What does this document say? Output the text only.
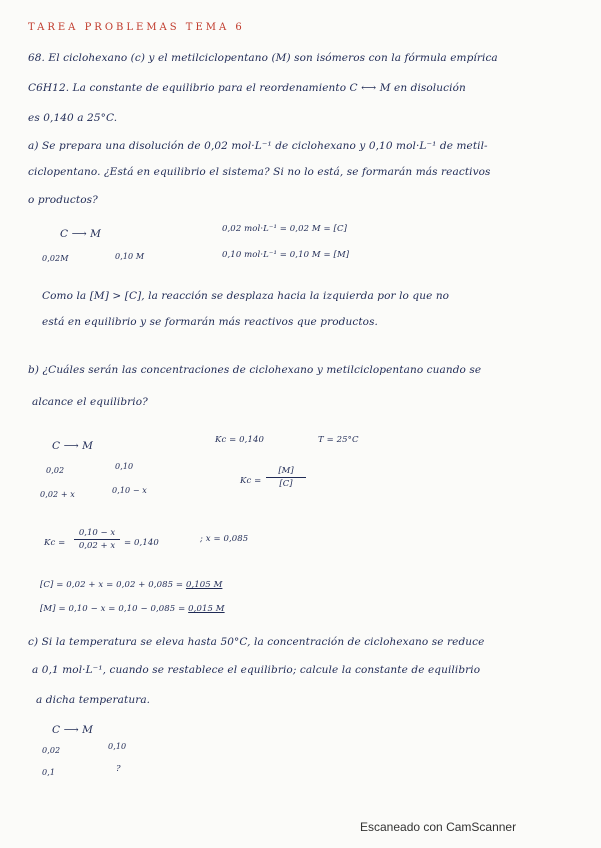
TAREA PROBLEMAS TEMA 6
68. El ciclohexano (c) y el metilciclopentano (M) son isómeros con la fórmula empírica
C6H12. La constante de equilibrio para el reordenamiento C ⟷ M en disolución
es 0,140 a 25°C.
a) Se prepara una disolución de 0,02 mol·L⁻¹ de ciclohexano y 0,10 mol·L⁻¹ de metil-
ciclopentano. ¿Está en equilibrio el sistema? Si no lo está, se formarán más reactivos
o productos?
C ⟶ M
0,02M	0,10 M
0,02 mol·L⁻¹ = 0,02 M = [C]
0,10 mol·L⁻¹ = 0,10 M = [M]
Como la [M] > [C], la reacción se desplaza hacia la izquierda por lo que no
está en equilibrio y se formarán más reactivos que productos.
b) ¿Cuáles serán las concentraciones de ciclohexano y metilciclopentano cuando se
alcance el equilibrio?
C ⟶ M	Kc = 0,140	T = 25°C
0,02	0,10
0,02 + x	0,10 − x
$Kc = \frac{[M]}{[C]}$
$Kc = \frac{0,10 - x}{0,02 + x} = 0,140$	; x = 0,085
[C] = 0,02 + x = 0,02 + 0,085 = 0,105 M
[M] = 0,10 − x = 0,10 − 0,085 = 0,015 M
c) Si la temperatura se eleva hasta 50°C, la concentración de ciclohexano se reduce
a 0,1 mol·L⁻¹, cuando se restablece el equilibrio; calcule la constante de equilibrio
a dicha temperatura.
C ⟶ M
0,02	0,10
0,1	?
Escaneado con CamScanner
